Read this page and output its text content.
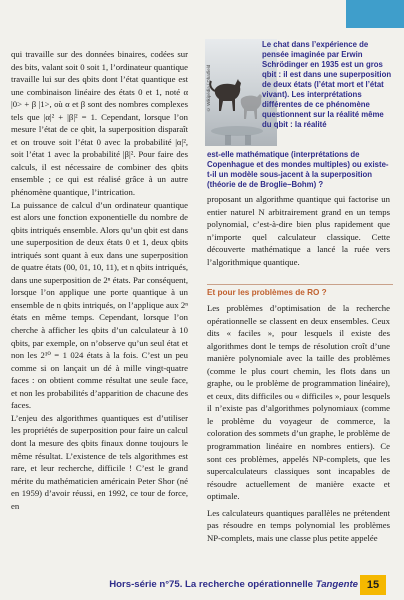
qui travaille sur des données binaires, codées sur des bits, valant soit 0 soit 1, l’ordinateur quantique travaille lui sur des qbits dont l’état quantique est une combinaison linéaire des états 0 et 1, noté α |0> + β |1>, où α et β sont des nombres complexes tels que |α|² + |β|² = 1. Cependant, lorsque l’on mesure l’état de ce qbit, la superposition disparaît et on trouve soit l’état 0 avec la probabilité |α|², soit l’état 1 avec la probabilité |β|². Pour faire des calculs, il est nécessaire de combiner des qbits ensemble ; ce qui est réalisé grâce à un autre phénomène quantique, l’intrication.

La puissance de calcul d’un ordinateur quantique est alors une fonction exponentielle du nombre de qbits intriqués ensemble. Alors qu’un qbit est dans une superposition de deux états 0 et 1, deux qbits intriqués sont quant à eux dans une superposition de quatre états (00, 01, 10, 11), et n qbits intriqués, dans une superposition de 2ⁿ états. Par conséquent, lorsque l’on applique une porte quantique à un ensemble de n qbits intriqués, on l’applique aux 2ⁿ états en même temps. Cependant, lorsque l’on cherche à afficher les qbits d’un calculateur à 10 qbits, par exemple, on n’observe qu’un seul état et non les 2¹⁰ = 1 024 états à la fois. C’est un peu comme si on lançait un dé à mille vingt-quatre faces : on obtient comme résultat une seule face, et non les probabilités d’apparition de chacune des faces.

L’enjeu des algorithmes quantiques est d’utiliser les propriétés de superposition pour faire un calcul dont la mesure des qbits finaux donne toujours le même résultat. L’existence de tels algorithmes est rare, et leur recherche, difficile ! C’est le grand mérite du mathématicien américain Peter Shor (né en 1959) d’avoir réussi, en 1992, ce tour de force, en

© Wikipédia / Dhatfield
Le chat dans l’expérience de pensée imaginée par Erwin Schrödinger en 1935 est un gros qbit : il est dans une superposition de deux états (l’état mort et l’état vivant). Les interprétations différentes de ce phénomène questionnent sur la réalité même du qbit : la réalité
est-elle mathématique (interprétations de Copenhague et des mondes multiples) ou existe-t-il un modèle sous-jacent à la superposition (théorie de de Broglie–Bohm) ?

proposant un algorithme quantique qui factorise un entier naturel N arbitrairement grand en un temps polynomial, c’est-à-dire bien plus rapidement que n’importe quel calculateur classique. Cette découverte mathématique a lancé la ruée vers l’algorithmique quantique.

Et pour les problèmes de RO ?

Les problèmes d’optimisation de la recherche opérationnelle se classent en deux ensembles. Ceux dits « faciles », pour lesquels il existe des algorithmes dont le temps de résolution croît d’une manière polynomiale avec la taille des problèmes (comme le plus court chemin, les flots dans un graphe, ou le problème de programmation linéaire), et ceux, dits difficiles ou « difficiles », pour lesquels il n’existe pas d’algorithmes polynomiaux (comme le problème du voyageur de commerce, la coloration des sommets d’un graphe, le problème de programmation linéaire en nombres entiers). Ce sont ces problèmes, appelés NP-complets, que les supercalculateurs classiques sont incapables de résoudre actuellement de manière exacte et optimale.

Les calculateurs quantiques parallèles ne prétendent pas résoudre en temps polynomial les problèmes NP-complets, mais une classe plus petite appelée

Hors-série n°75. La recherche opérationnelle Tangente 15
